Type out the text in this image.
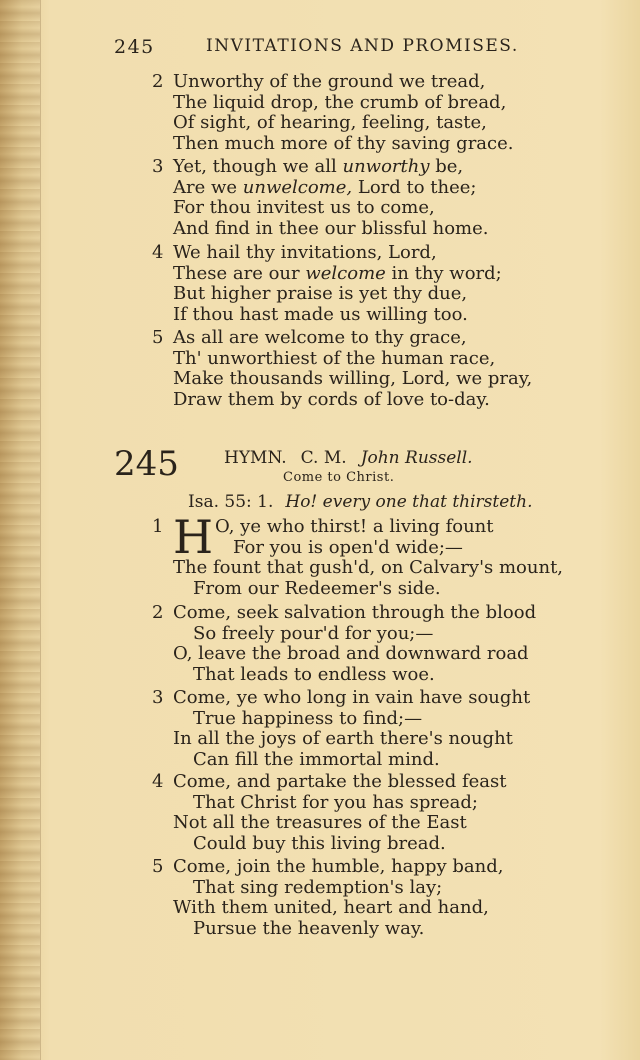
245	INVITATIONS AND PROMISES.
2 Unworthy of the ground we tread,
The liquid drop, the crumb of bread,
Of sight, of hearing, feeling, taste,
Then much more of thy saving grace.
3 Yet, though we all unworthy be,
Are we unwelcome, Lord to thee;
For thou invitest us to come,
And find in thee our blissful home.
4 We hail thy invitations, Lord,
These are our welcome in thy word;
But higher praise is yet thy due,
If thou hast made us willing too.
5 As all are welcome to thy grace,
Th' unworthiest of the human race,
Make thousands willing, Lord, we pray,
Draw them by cords of love to-day.
245	HYMN. C. M. John Russell.
Come to Christ.
Isa. 55: 1. Ho! every one that thirsteth.
1	O, ye who thirst! a living fount
For you is open'd wide;—
The fount that gush'd, on Calvary's mount,
From our Redeemer's side.
H
2 Come, seek salvation through the blood
So freely pour'd for you;—
O, leave the broad and downward road
That leads to endless woe.
3 Come, ye who long in vain have sought
True happiness to find;—
In all the joys of earth there's nought
Can fill the immortal mind.
4 Come, and partake the blessed feast
That Christ for you has spread;
Not all the treasures of the East
Could buy this living bread.
5 Come, join the humble, happy band,
That sing redemption's lay;
With them united, heart and hand,
Pursue the heavenly way.
